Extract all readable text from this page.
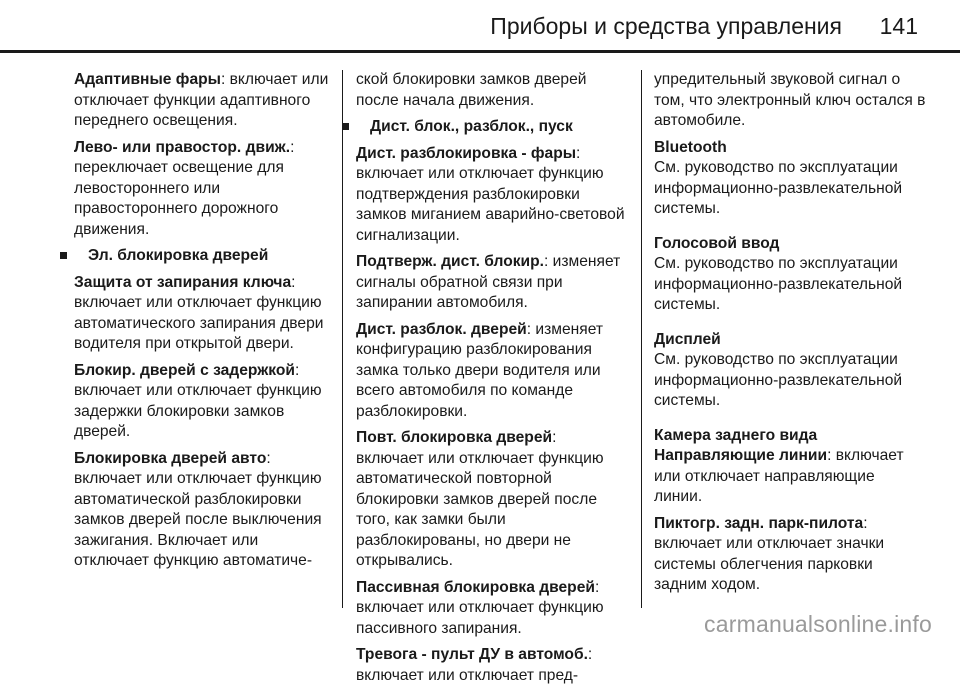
Приборы и средства управления 141

Адаптивные фары: включает или отключает функции адаптивного переднего освещения.

Лево- или правостор. движ.: переключает освещение для левостороннего или правостороннего дорожного движения.

Эл. блокировка дверей

Защита от запирания ключа: включает или отключает функцию автоматического запирания двери водителя при открытой двери.

Блокир. дверей с задержкой: включает или отключает функцию задержки блокировки замков дверей.

Блокировка дверей авто: включает или отключает функцию автоматической разблокировки замков дверей после выключения зажигания. Включает или отключает функцию автоматиче-

ской блокировки замков дверей после начала движения.

Дист. блок., разблок., пуск

Дист. разблокировка - фары: включает или отключает функцию подтверждения разблокировки замков миганием аварийно-световой сигнализации.

Подтверж. дист. блокир.: изменяет сигналы обратной связи при запирании автомобиля.

Дист. разблок. дверей: изменяет конфигурацию разблокирования замка только двери водителя или всего автомобиля по команде разблокировки.

Повт. блокировка дверей: включает или отключает функцию автоматической повторной блокировки замков дверей после того, как замки были разблокированы, но двери не открывались.

Пассивная блокировка дверей: включает или отключает функцию пассивного запирания.

Тревога - пульт ДУ в автомоб.: включает или отключает пред-

упредительный звуковой сигнал о том, что электронный ключ остался в автомобиле.

Bluetooth
См. руководство по эксплуатации информационно-развлекательной системы.
Голосовой ввод
См. руководство по эксплуатации информационно-развлекательной системы.
Дисплей
См. руководство по эксплуатации информационно-развлекательной системы.
Камера заднего вида
Направляющие линии: включает или отключает направляющие линии.

Пиктогр. задн. парк-пилота: включает или отключает значки системы облегчения парковки задним ходом.

carmanualsonline.info
